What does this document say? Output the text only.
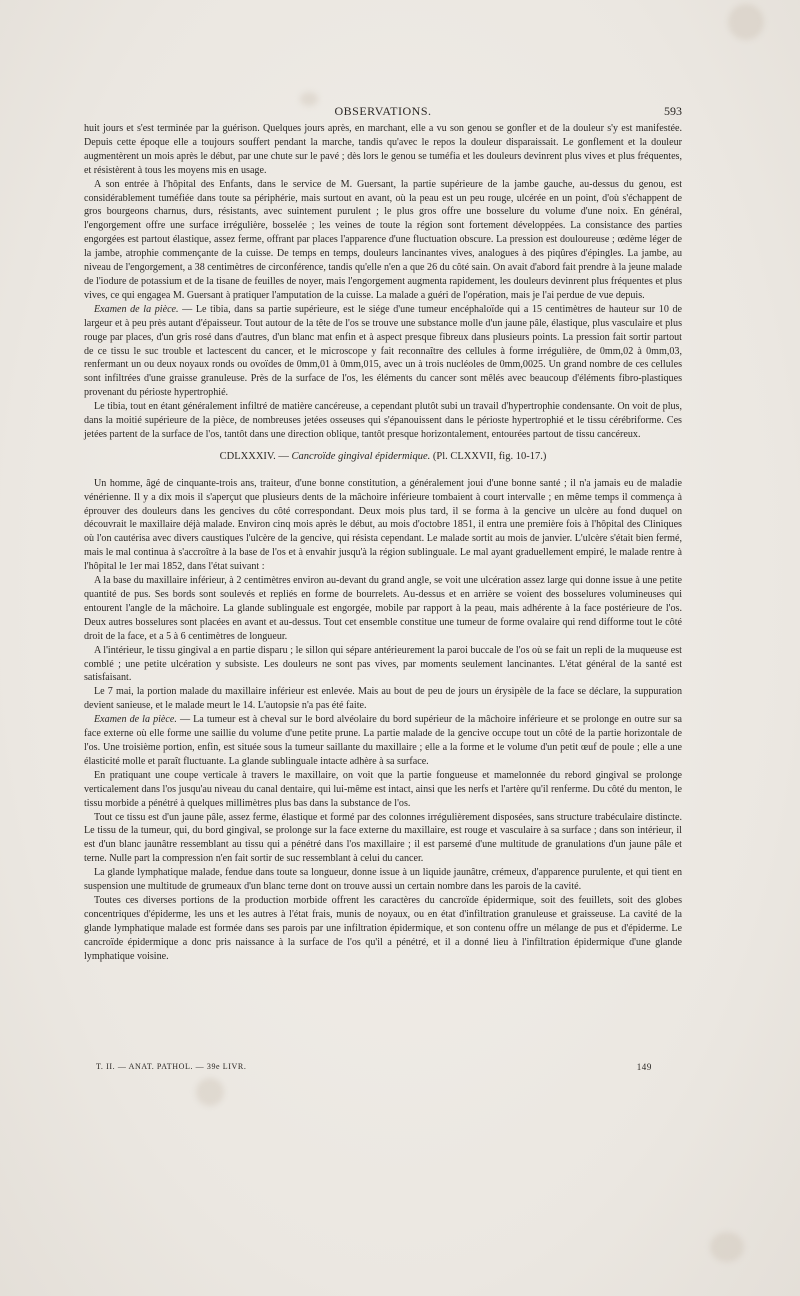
OBSERVATIONS.	593

huit jours et s'est terminée par la guérison. Quelques jours après, en marchant, elle a vu son genou se gonfler et de la douleur s'y est manifestée. Depuis cette époque elle a toujours souffert pendant la marche, tandis qu'avec le repos la douleur disparaissait. Le gonflement et la douleur augmentèrent un mois après le début, par une chute sur le pavé ; dès lors le genou se tuméfia et les douleurs devinrent plus vives et plus fréquentes, et résistèrent à tous les moyens mis en usage.

A son entrée à l'hôpital des Enfants, dans le service de M. Guersant, la partie supérieure de la jambe gauche, au-dessus du genou, est considérablement tuméfiée dans toute sa périphérie, mais surtout en avant, où la peau est un peu rouge, ulcérée en un point, d'où s'échappent de gros bourgeons charnus, durs, résistants, avec suintement purulent ; le plus gros offre une bosselure du volume d'une noix. En général, l'engorgement offre une surface irrégulière, bosselée ; les veines de toute la région sont fortement développées. La consistance des parties engorgées est partout élastique, assez ferme, offrant par places l'apparence d'une fluctuation obscure. La pression est douloureuse ; œdème léger de la jambe, atrophie commençante de la cuisse. De temps en temps, douleurs lancinantes vives, analogues à des piqûres d'épingles. La jambe, au niveau de l'engorgement, a 38 centimètres de circonférence, tandis qu'elle n'en a que 26 du côté sain. On avait d'abord fait prendre à la jeune malade de l'iodure de potassium et de la tisane de feuilles de noyer, mais l'engorgement augmenta rapidement, les douleurs devinrent plus fréquentes et plus vives, ce qui engagea M. Guersant à pratiquer l'amputation de la cuisse. La malade a guéri de l'opération, mais je l'ai perdue de vue depuis.

Examen de la pièce. — Le tibia, dans sa partie supérieure, est le siége d'une tumeur encéphaloïde qui a 15 centimètres de hauteur sur 10 de largeur et à peu près autant d'épaisseur. Tout autour de la tête de l'os se trouve une substance molle d'un jaune pâle, élastique, plus vasculaire et plus rouge par places, d'un gris rosé dans d'autres, d'un blanc mat enfin et à aspect presque fibreux dans plusieurs points. La pression fait sortir partout de ce tissu le suc trouble et lactescent du cancer, et le microscope y fait reconnaître des cellules à forme irrégulière, de 0mm,02 à 0mm,03, renfermant un ou deux noyaux ronds ou ovoïdes de 0mm,01 à 0mm,015, avec un à trois nucléoles de 0mm,0025. Un grand nombre de ces cellules sont infiltrées d'une graisse granuleuse. Près de la surface de l'os, les éléments du cancer sont mêlés avec beaucoup d'éléments fibro-plastiques provenant du périoste hypertrophié.

Le tibia, tout en étant généralement infiltré de matière cancéreuse, a cependant plutôt subi un travail d'hypertrophie condensante. On voit de plus, dans la moitié supérieure de la pièce, de nombreuses jetées osseuses qui s'épanouissent dans le périoste hypertrophié et le tissu cérébriforme. Ces jetées partent de la surface de l'os, tantôt dans une direction oblique, tantôt presque horizontalement, entourées partout de tissu cancéreux.

CDLXXXIV. — Cancroïde gingival épidermique. (Pl. CLXXVII, fig. 10-17.)

Un homme, âgé de cinquante-trois ans, traiteur, d'une bonne constitution, a généralement joui d'une bonne santé ; il n'a jamais eu de maladie vénérienne. Il y a dix mois il s'aperçut que plusieurs dents de la mâchoire inférieure tombaient à court intervalle ; en même temps il commença à éprouver des douleurs dans les gencives du côté correspondant. Deux mois plus tard, il se forma à la gencive un ulcère au fond duquel on découvrait le maxillaire déjà malade. Environ cinq mois après le début, au mois d'octobre 1851, il entra une première fois à l'hôpital des Cliniques où l'on cautérisa avec divers caustiques l'ulcère de la gencive, qui résista cependant. Le malade sortit au mois de janvier. L'ulcère s'était bien fermé, mais le mal continua à s'accroître à la base de l'os et à envahir jusqu'à la région sublinguale. Le mal ayant graduellement empiré, le malade rentre à l'hôpital le 1er mai 1852, dans l'état suivant :

A la base du maxillaire inférieur, à 2 centimètres environ au-devant du grand angle, se voit une ulcération assez large qui donne issue à une petite quantité de pus. Ses bords sont soulevés et repliés en forme de bourrelets. Au-dessus et en arrière se voient des bosselures volumineuses qui entourent l'angle de la mâchoire. La glande sublinguale est engorgée, mobile par rapport à la peau, mais adhérente à la face postérieure de l'os. Deux autres bosselures sont placées en avant et au-dessus. Tout cet ensemble constitue une tumeur de forme ovalaire qui rend difforme tout le côté droit de la face, et a 5 à 6 centimètres de longueur.

A l'intérieur, le tissu gingival a en partie disparu ; le sillon qui sépare antérieurement la paroi buccale de l'os où se fait un repli de la muqueuse est comblé ; une petite ulcération y subsiste. Les douleurs ne sont pas vives, par moments seulement lancinantes. L'état général de la santé est satisfaisant.

Le 7 mai, la portion malade du maxillaire inférieur est enlevée. Mais au bout de peu de jours un érysipèle de la face se déclare, la suppuration devient sanieuse, et le malade meurt le 14. L'autopsie n'a pas été faite.

Examen de la pièce. — La tumeur est à cheval sur le bord alvéolaire du bord supérieur de la mâchoire inférieure et se prolonge en outre sur sa face externe où elle forme une saillie du volume d'une petite prune. La partie malade de la gencive occupe tout un côté de la partie horizontale de l'os. Une troisième portion, enfin, est située sous la tumeur saillante du maxillaire ; elle a la forme et le volume d'un petit œuf de poule ; elle a une élasticité molle et paraît fluctuante. La glande sublinguale intacte adhère à sa surface.

En pratiquant une coupe verticale à travers le maxillaire, on voit que la partie fongueuse et mamelonnée du rebord gingival se prolonge verticalement dans l'os jusqu'au niveau du canal dentaire, qui lui-même est intact, ainsi que les nerfs et l'artère qu'il renferme. Du côté du menton, le tissu morbide a pénétré à quelques millimètres plus bas dans la substance de l'os.

Tout ce tissu est d'un jaune pâle, assez ferme, élastique et formé par des colonnes irrégulièrement disposées, sans structure trabéculaire distincte. Le tissu de la tumeur, qui, du bord gingival, se prolonge sur la face externe du maxillaire, est rouge et vasculaire à sa surface ; dans son intérieur, il est d'un blanc jaunâtre ressemblant au tissu qui a pénétré dans l'os maxillaire ; il est parsemé d'une multitude de granulations d'un jaune pâle et terne. Nulle part la compression n'en fait sortir de suc ressemblant à celui du cancer.

La glande lymphatique malade, fendue dans toute sa longueur, donne issue à un liquide jaunâtre, crémeux, d'apparence purulente, et qui tient en suspension une multitude de grumeaux d'un blanc terne dont on trouve aussi un certain nombre dans les parois de la cavité.

Toutes ces diverses portions de la production morbide offrent les caractères du cancroïde épidermique, soit des feuillets, soit des globes concentriques d'épiderme, les uns et les autres à l'état frais, munis de noyaux, ou en état d'infiltration granuleuse et graisseuse. La cavité de la glande lymphatique malade est formée dans ses parois par une infiltration épidermique, et son contenu offre un mélange de pus et d'épiderme. Le cancroïde épidermique a donc pris naissance à la surface de l'os qu'il a pénétré, et il a donné lieu à l'infiltration épidermique d'une glande lymphatique voisine.

T. II. — ANAT. PATHOL. — 39e LIVR.	149
